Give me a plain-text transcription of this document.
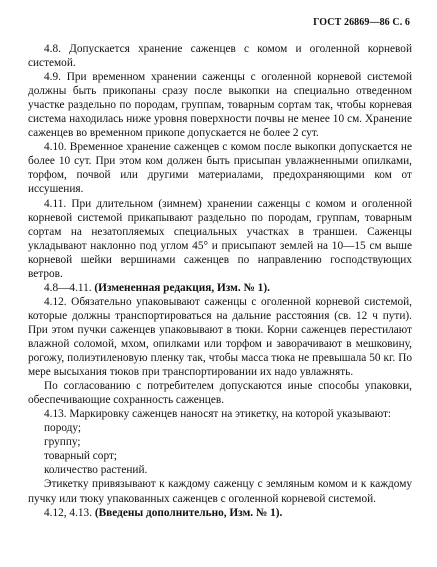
ГОСТ 26869—86 С. 6

4.8. Допускается хранение саженцев с комом и оголенной корневой системой.

4.9. При временном хранении саженцы с оголенной корневой системой должны быть прикопаны сразу после выкопки на специально отведенном участке раздельно по породам, группам, товарным сортам так, чтобы корневая система находилась ниже уровня поверхности почвы не менее 10 см. Хранение саженцев во временном прикопе допускается не более 2 сут.

4.10. Временное хранение саженцев с комом после выкопки допускается не более 10 сут. При этом ком должен быть присыпан увлажненными опилками, торфом, почвой или другими материалами, предохраняющими ком от иссушения.

4.11. При длительном (зимнем) хранении саженцы с комом и оголенной корневой системой прикапывают раздельно по породам, группам, товарным сортам на незатопляемых специальных участках в траншеи. Саженцы укладывают наклонно под углом 45° и присыпают землей на 10—15 см выше корневой шейки вершинами саженцев по направлению господствующих ветров.

4.8—4.11. (Измененная редакция, Изм. № 1).

4.12. Обязательно упаковывают саженцы с оголенной корневой системой, которые должны транспортироваться на дальние расстояния (св. 12 ч пути). При этом пучки саженцев упаковывают в тюки. Корни саженцев перестилают влажной соломой, мхом, опилками или торфом и заворачивают в мешковину, рогожу, полиэтиленовую пленку так, чтобы масса тюка не превышала 50 кг. По мере высыхания тюков при транспортировании их надо увлажнять.

По согласованию с потребителем допускаются иные способы упаковки, обеспечивающие сохранность саженцев.

4.13. Маркировку саженцев наносят на этикетку, на которой указывают:

породу;

группу;

товарный сорт;

количество растений.

Этикетку привязывают к каждому саженцу с земляным комом и к каждому пучку или тюку упакованных саженцев с оголенной корневой системой.

4.12, 4.13. (Введены дополнительно, Изм. № 1).
